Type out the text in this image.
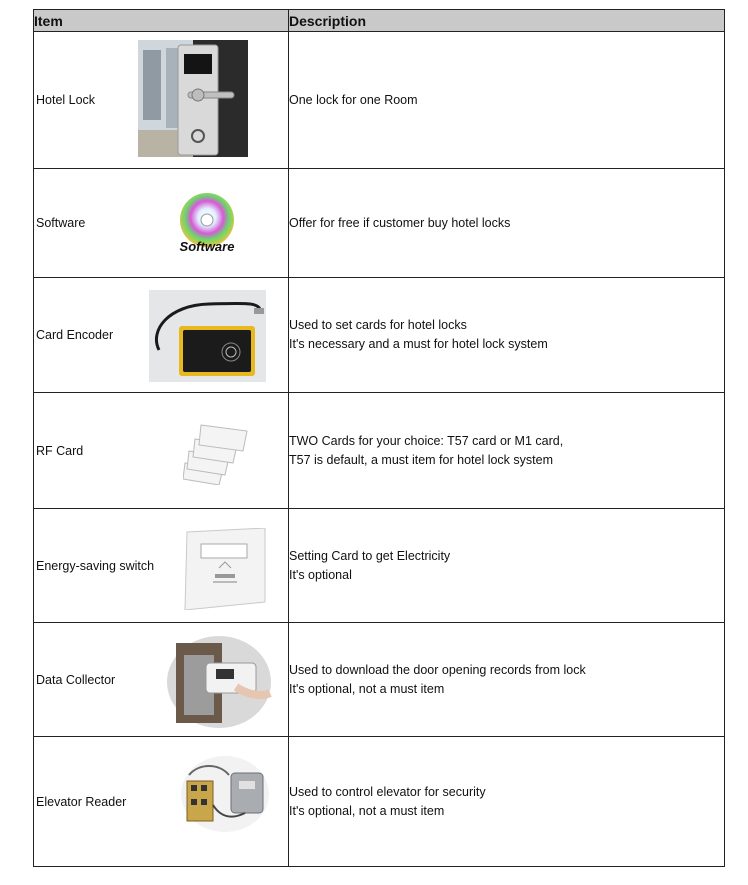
Item	Description

Hotel Lock	One lock for one Room

Software
Software	Offer for free if customer buy hotel locks

Card Encoder	Used to set cards for hotel locks
It's necessary and a must for hotel lock system

RF Card	TWO Cards for your choice: T57 card or M1 card,
T57 is default, a must item for hotel lock system

Energy-saving switch	Setting Card to get Electricity
It's optional

Data Collector	Used to download the door opening records from lock
It's optional, not a must item

Elevator Reader	Used to control elevator for security
It's optional, not a must item
